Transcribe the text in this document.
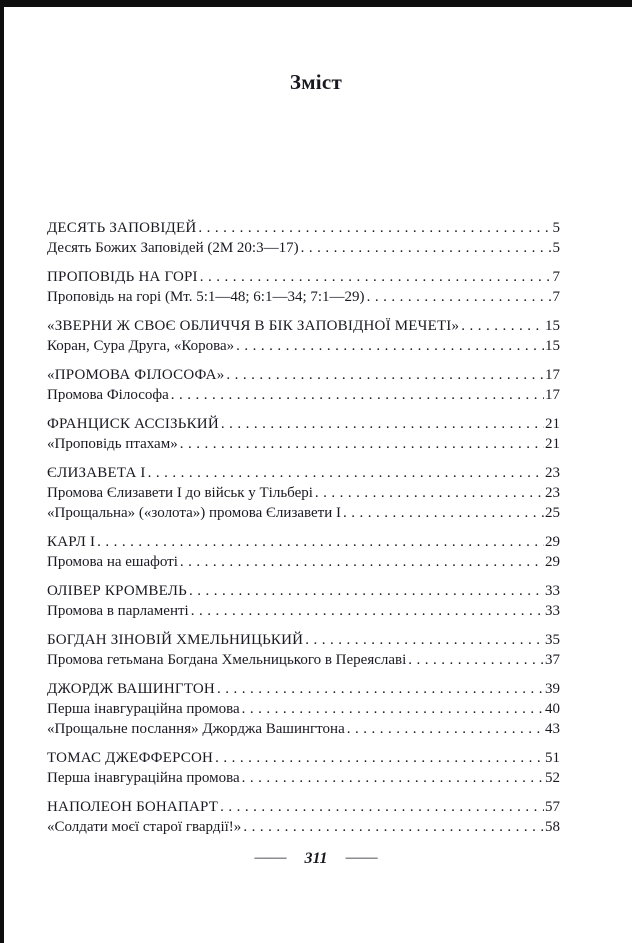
Зміст
ДЕСЯТЬ ЗАПОВІДЕЙ .....	5
Десять Божих Заповідей (2М 20:3—17) .....	5
ПРОПОВІДЬ НА ГОРІ .....	7
Проповідь на горі (Мт. 5:1—48; 6:1—34; 7:1—29) .....	7
«ЗВЕРНИ Ж СВОЄ ОБЛИЧЧЯ В БІК ЗАПОВІДНОЇ МЕЧЕТІ» .....	15
Коран, Сура Друга, «Корова» .....	15
«ПРОМОВА ФІЛОСОФА» .....	17
Промова Філософа .....	17
ФРАНЦИСК АССІЗЬКИЙ .....	21
«Проповідь птахам» .....	21
ЄЛИЗАВЕТА I .....	23
Промова Єлизавети I до військ у Тільбері .....	23
«Прощальна» («золота») промова Єлизавети I .....	25
КАРЛ I .....	29
Промова на ешафоті .....	29
ОЛІВЕР КРОМВЕЛЬ .....	33
Промова в парламенті .....	33
БОГДАН ЗІНОВІЙ ХМЕЛЬНИЦЬКИЙ .....	35
Промова гетьмана Богдана Хмельницького в Переяславі .....	37
ДЖОРДЖ ВАШИНГТОН .....	39
Перша інавгураційна промова .....	40
«Прощальне послання» Джорджа Вашингтона .....	43
ТОМАС ДЖЕФФЕРСОН .....	51
Перша інавгураційна промова .....	52
НАПОЛЕОН БОНАПАРТ .....	57
«Солдати моєї старої гвардії!» .....	58
—— 311 ——
